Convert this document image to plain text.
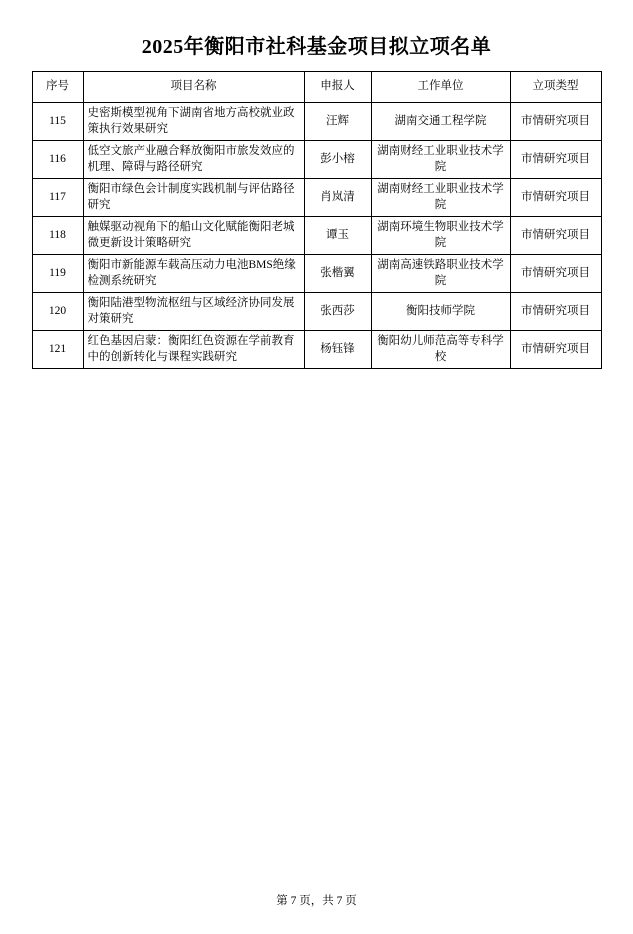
2025年衡阳市社科基金项目拟立项名单
序号	项目名称	申报人	工作单位	立项类型
115	史密斯模型视角下湖南省地方高校就业政策执行效果研究	汪辉	湖南交通工程学院	市情研究项目
116	低空文旅产业融合释放衡阳市旅发效应的机理、障碍与路径研究	彭小榕	湖南财经工业职业技术学院	市情研究项目
117	衡阳市绿色会计制度实践机制与评估路径研究	肖岚清	湖南财经工业职业技术学院	市情研究项目
118	触媒驱动视角下的船山文化赋能衡阳老城微更新设计策略研究	谭玉	湖南环境生物职业技术学院	市情研究项目
119	衡阳市新能源车载高压动力电池BMS绝缘检测系统研究	张楷翼	湖南高速铁路职业技术学院	市情研究项目
120	衡阳陆港型物流枢纽与区域经济协同发展对策研究	张西莎	衡阳技师学院	市情研究项目
121	红色基因启蒙：衡阳红色资源在学前教育中的创新转化与课程实践研究	杨钰锋	衡阳幼儿师范高等专科学校	市情研究项目
第 7 页，共 7 页
